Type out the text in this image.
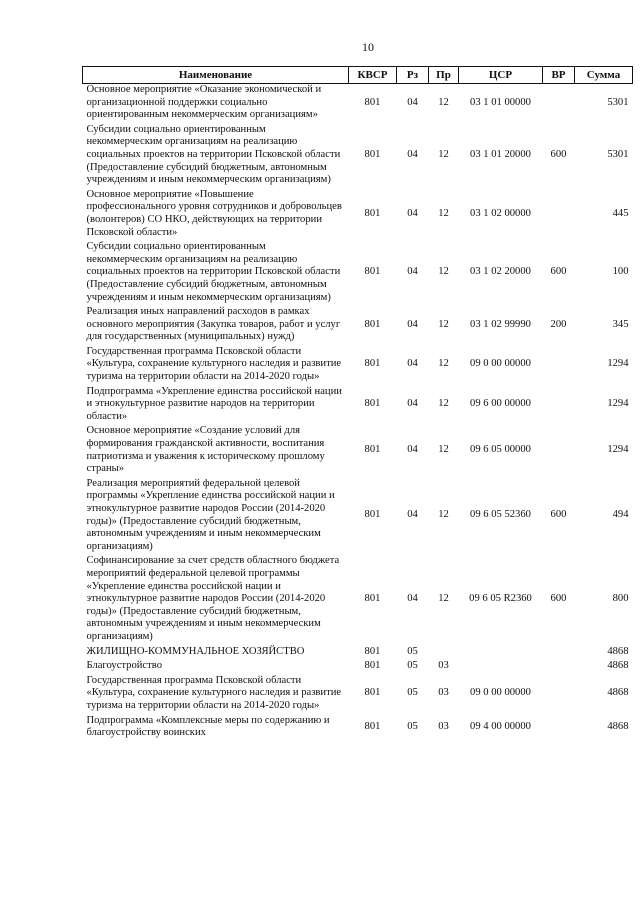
10
Наименование	КВСР	Рз	Пр	ЦСР	ВР	Сумма
Основное мероприятие «Оказание экономической и организационной поддержки социально ориентированным некоммерческим организациям»	801	04	12	03 1 01 00000		5301
Субсидии социально ориентированным некоммерческим организациям на реализацию социальных проектов на территории Псковской области (Предоставление субсидий бюджетным, автономным учреждениям и иным некоммерческим организациям)	801	04	12	03 1 01 20000	600	5301
Основное мероприятие «Повышение профессионального уровня сотрудников и добровольцев (волонтеров) СО НКО, действующих на территории Псковской области»	801	04	12	03 1 02 00000		445
Субсидии социально ориентированным некоммерческим организациям на реализацию социальных проектов на территории Псковской области (Предоставление субсидий бюджетным, автономным учреждениям и иным некоммерческим организациям)	801	04	12	03 1 02 20000	600	100
Реализация иных направлений расходов в рамках основного мероприятия (Закупка товаров, работ и услуг для государственных (муниципальных) нужд)	801	04	12	03 1 02 99990	200	345
Государственная программа Псковской области «Культура, сохранение культурного наследия и развитие туризма на территории области на 2014-2020 годы»	801	04	12	09 0 00 00000		1294
Подпрограмма «Укрепление единства российской нации и этнокультурное развитие народов на территории области»	801	04	12	09 6 00 00000		1294
Основное мероприятие «Создание условий для формирования гражданской активности, воспитания патриотизма и уважения к историческому прошлому страны»	801	04	12	09 6 05 00000		1294
Реализация мероприятий федеральной целевой программы «Укрепление единства российской нации и этнокультурное развитие народов России (2014-2020 годы)» (Предоставление субсидий бюджетным, автономным учреждениям и иным некоммерческим организациям)	801	04	12	09 6 05 52360	600	494
Софинансирование за счет средств областного бюджета мероприятий федеральной целевой программы «Укрепление единства российской нации и этнокультурное развитие народов России (2014-2020 годы)» (Предоставление субсидий бюджетным, автономным учреждениям и иным некоммерческим организациям)	801	04	12	09 6 05 R2360	600	800
ЖИЛИЩНО-КОММУНАЛЬНОЕ ХОЗЯЙСТВО	801	05				4868
Благоустройство	801	05	03			4868
Государственная программа Псковской области «Культура, сохранение культурного наследия и развитие туризма на территории области на 2014-2020 годы»	801	05	03	09 0 00 00000		4868
Подпрограмма «Комплексные меры по содержанию и благоустройству воинских	801	05	03	09 4 00 00000		4868
